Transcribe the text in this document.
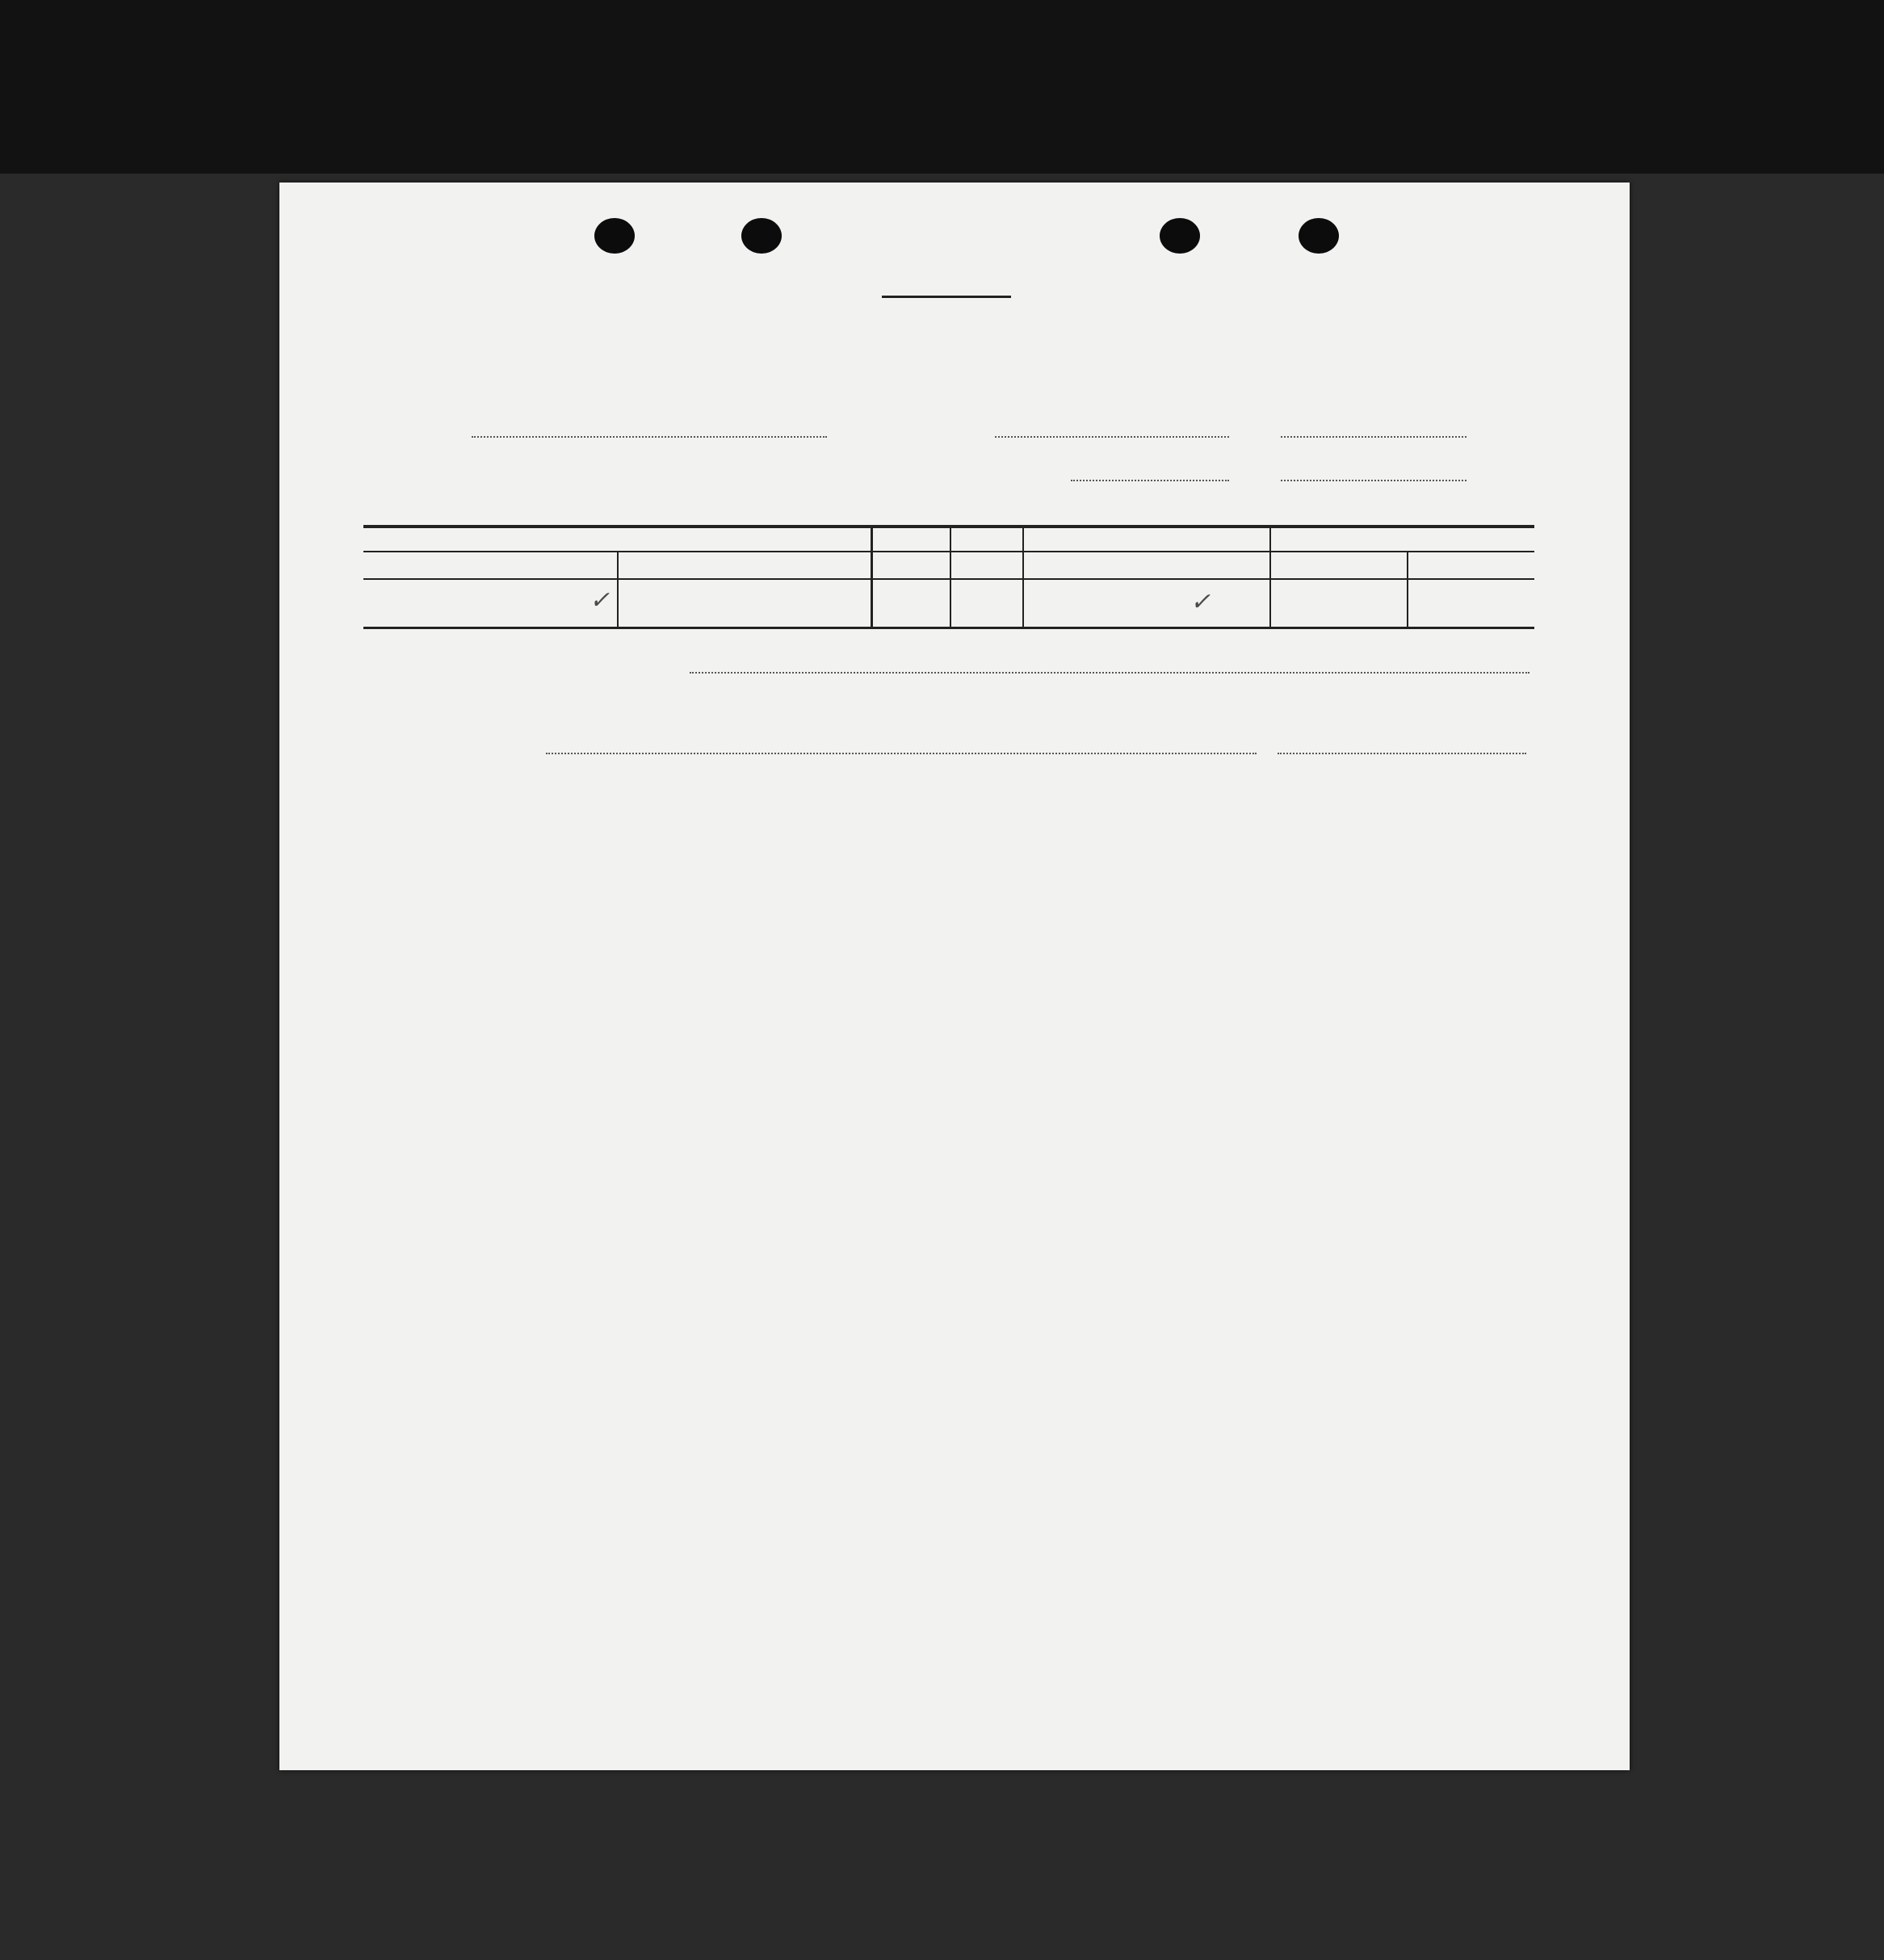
✓	✓
